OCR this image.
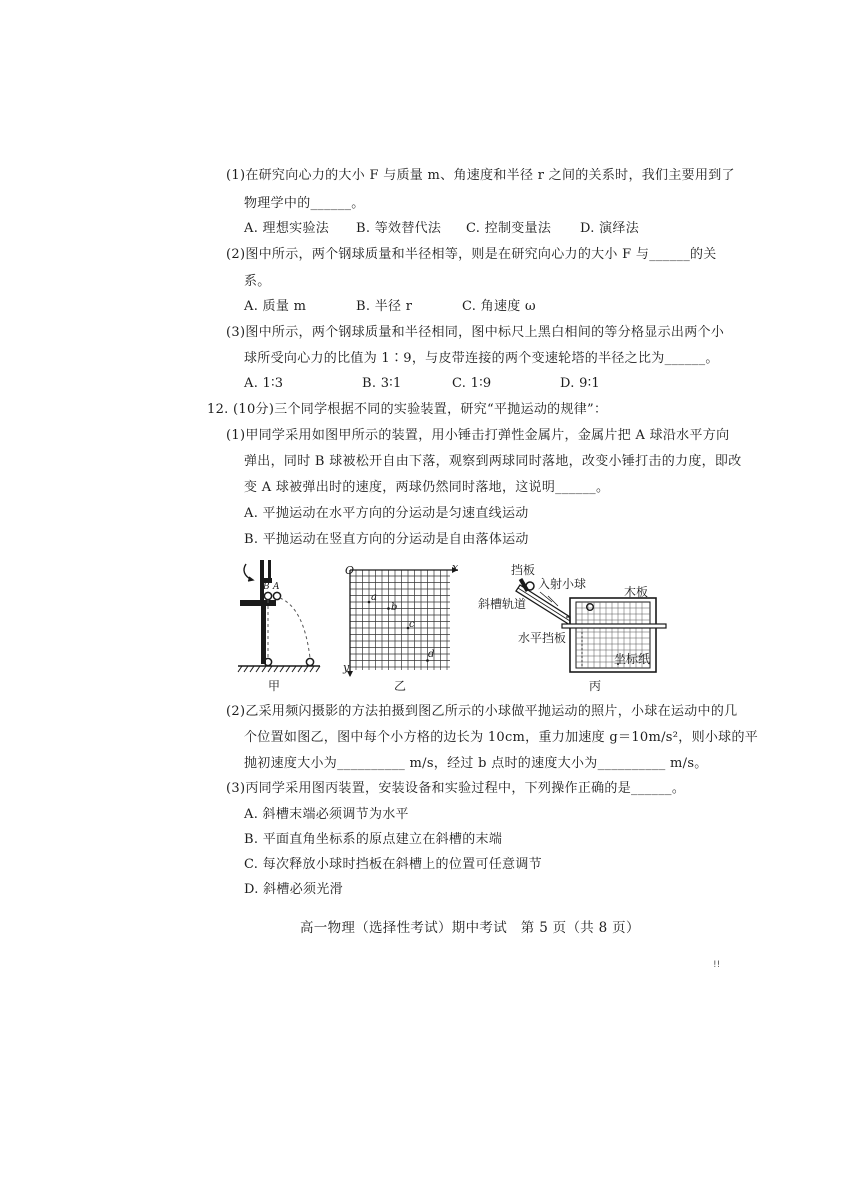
(1)在研究向心力的大小 F 与质量 m、角速度和半径 r 之间的关系时，我们主要用到了
物理学中的______。
A. 理想实验法 B. 等效替代法 C. 控制变量法 D. 演绎法
(2)图中所示，两个钢球质量和半径相等，则是在研究向心力的大小 F 与______的关
系。
A. 质量 m	B. 半径 r	C. 角速度 ω
(3)图中所示，两个钢球质量和半径相同，图中标尺上黑白相间的等分格显示出两个小
球所受向心力的比值为 1∶9，与皮带连接的两个变速轮塔的半径之比为______。
A. 1∶3	B. 3∶1	C. 1∶9	D. 9∶1
12. (10分)三个同学根据不同的实验装置，研究“平抛运动的规律”：
(1)甲同学采用如图甲所示的装置，用小锤击打弹性金属片，金属片把 A 球沿水平方向
弹出，同时 B 球被松开自由下落，观察到两球同时落地，改变小锤打击的力度，即改
变 A 球被弹出时的速度，两球仍然同时落地，这说明______。
A. 平抛运动在水平方向的分运动是匀速直线运动
B. 平抛运动在竖直方向的分运动是自由落体运动
B A
甲
O	x
y
a
b
c
d
乙
挡板
入射小球
木板
斜槽轨道
水平挡板
坐标纸
丙
(2)乙采用频闪摄影的方法拍摄到图乙所示的小球做平抛运动的照片，小球在运动中的几
个位置如图乙，图中每个小方格的边长为 10cm，重力加速度 g＝10m/s²，则小球的平
抛初速度大小为__________ m/s，经过 b 点时的速度大小为__________ m/s。
(3)丙同学采用图丙装置，安装设备和实验过程中，下列操作正确的是______。
A. 斜槽末端必须调节为水平
B. 平面直角坐标系的原点建立在斜槽的末端
C. 每次释放小球时挡板在斜槽上的位置可任意调节
D. 斜槽必须光滑
高一物理（选择性考试）期中考试　第 5 页（共 8 页）
!!
